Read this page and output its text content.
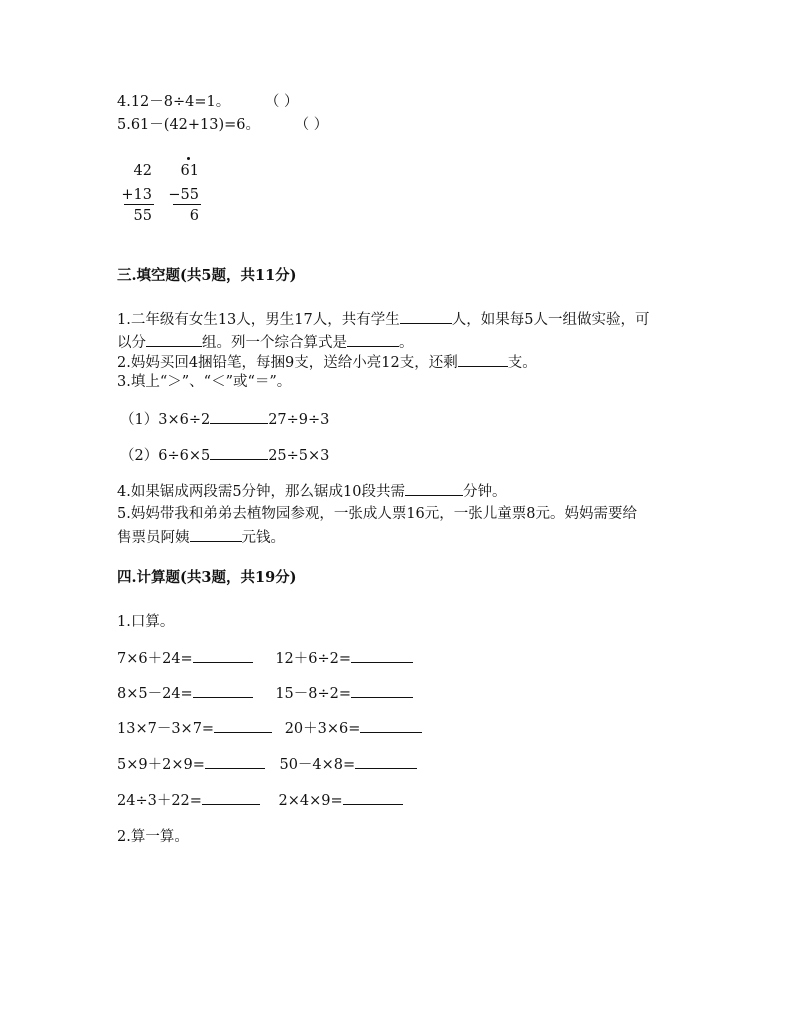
4.12－8÷4=1。 （ ）
5.61－(42+13)=6。 （ ）
42
+13
55
61
−55
6
三.填空题(共5题，共11分)
1.二年级有女生13人，男生17人，共有学生	人，如果每5人一组做实验，可
以分	组。列一个综合算式是	。
2.妈妈买回4捆铅笔，每捆9支，送给小亮12支，还剩	支。
3.填上“＞”、“＜”或“＝”。
（1）3×6÷2	27÷9÷3
（2）6÷6×5	25÷5×3
4.如果锯成两段需5分钟，那么锯成10段共需	分钟。
5.妈妈带我和弟弟去植物园参观，一张成人票16元，一张儿童票8元。妈妈需要给
售票员阿姨	元钱。
四.计算题(共3题，共19分)
1.口算。
7×6＋24=	12＋6÷2=
8×5－24=	15－8÷2=
13×7－3×7=	20＋3×6=
5×9＋2×9=	50－4×8=
24÷3＋22=	2×4×9=
2.算一算。
